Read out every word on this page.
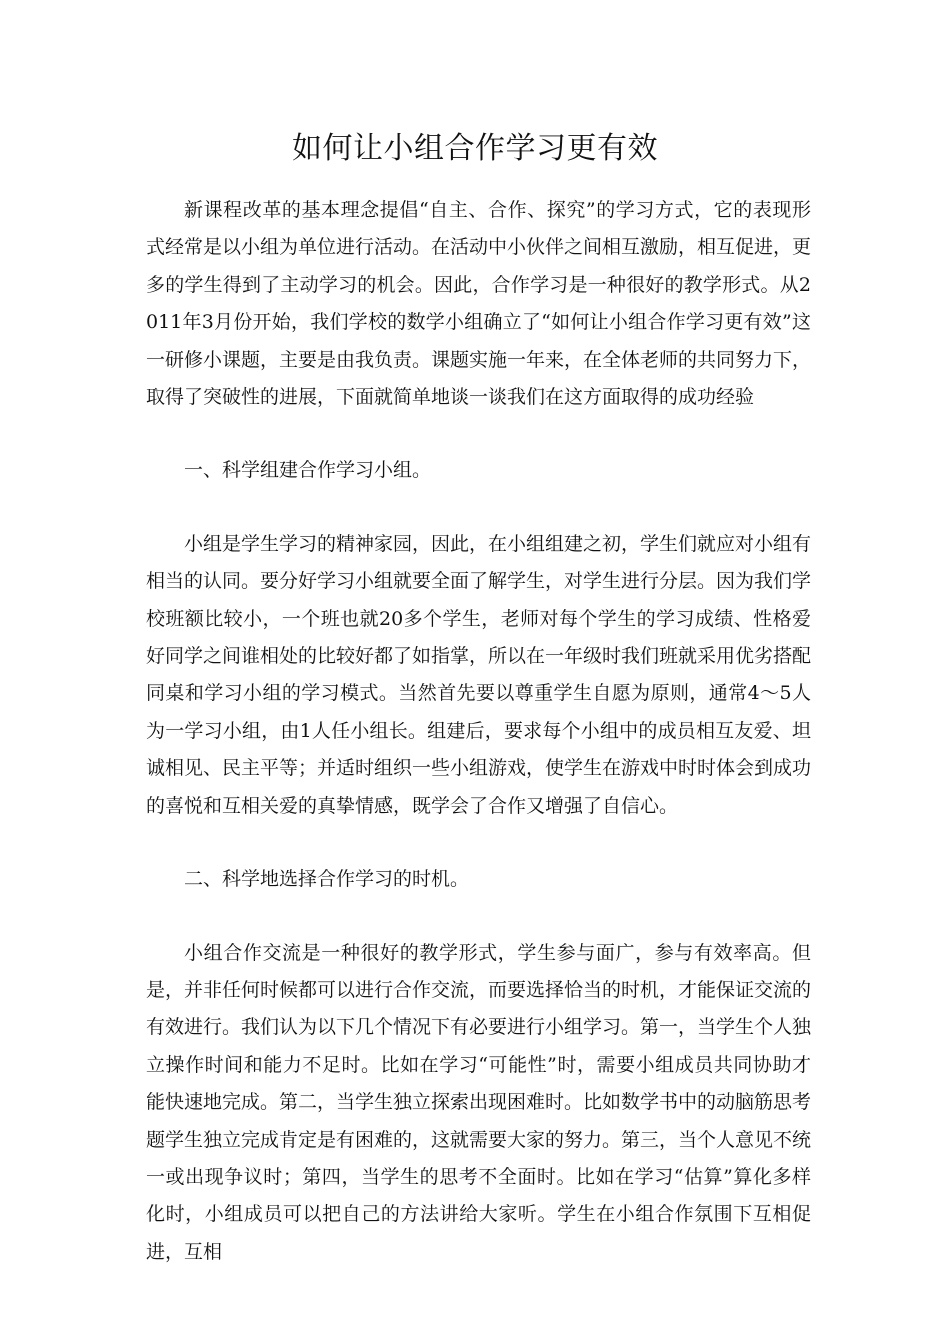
如何让小组合作学习更有效

新课程改革的基本理念提倡“自主、合作、探究”的学习方式，它的表现形式经常是以小组为单位进行活动。在活动中小伙伴之间相互激励，相互促进，更多的学生得到了主动学习的机会。因此，合作学习是一种很好的教学形式。从2011年3月份开始，我们学校的数学小组确立了“如何让小组合作学习更有效”这一研修小课题，主要是由我负责。课题实施一年来，在全体老师的共同努力下，取得了突破性的进展，下面就简单地谈一谈我们在这方面取得的成功经验

一、科学组建合作学习小组。

小组是学生学习的精神家园，因此，在小组组建之初，学生们就应对小组有相当的认同。要分好学习小组就要全面了解学生，对学生进行分层。因为我们学校班额比较小，一个班也就20多个学生，老师对每个学生的学习成绩、性格爱好同学之间谁相处的比较好都了如指掌，所以在一年级时我们班就采用优劣搭配同桌和学习小组的学习模式。当然首先要以尊重学生自愿为原则，通常4～5人为一学习小组，由1人任小组长。组建后，要求每个小组中的成员相互友爱、坦诚相见、民主平等；并适时组织一些小组游戏，使学生在游戏中时时体会到成功的喜悦和互相关爱的真挚情感，既学会了合作又增强了自信心。

二、科学地选择合作学习的时机。

小组合作交流是一种很好的教学形式，学生参与面广，参与有效率高。但是，并非任何时候都可以进行合作交流，而要选择恰当的时机，才能保证交流的有效进行。我们认为以下几个情况下有必要进行小组学习。第一，当学生个人独立操作时间和能力不足时。比如在学习“可能性”时，需要小组成员共同协助才能快速地完成。第二，当学生独立探索出现困难时。比如数学书中的动脑筋思考题学生独立完成肯定是有困难的，这就需要大家的努力。第三，当个人意见不统一或出现争议时；第四，当学生的思考不全面时。比如在学习“估算”算化多样化时，小组成员可以把自己的方法讲给大家听。学生在小组合作氛围下互相促进，互相
